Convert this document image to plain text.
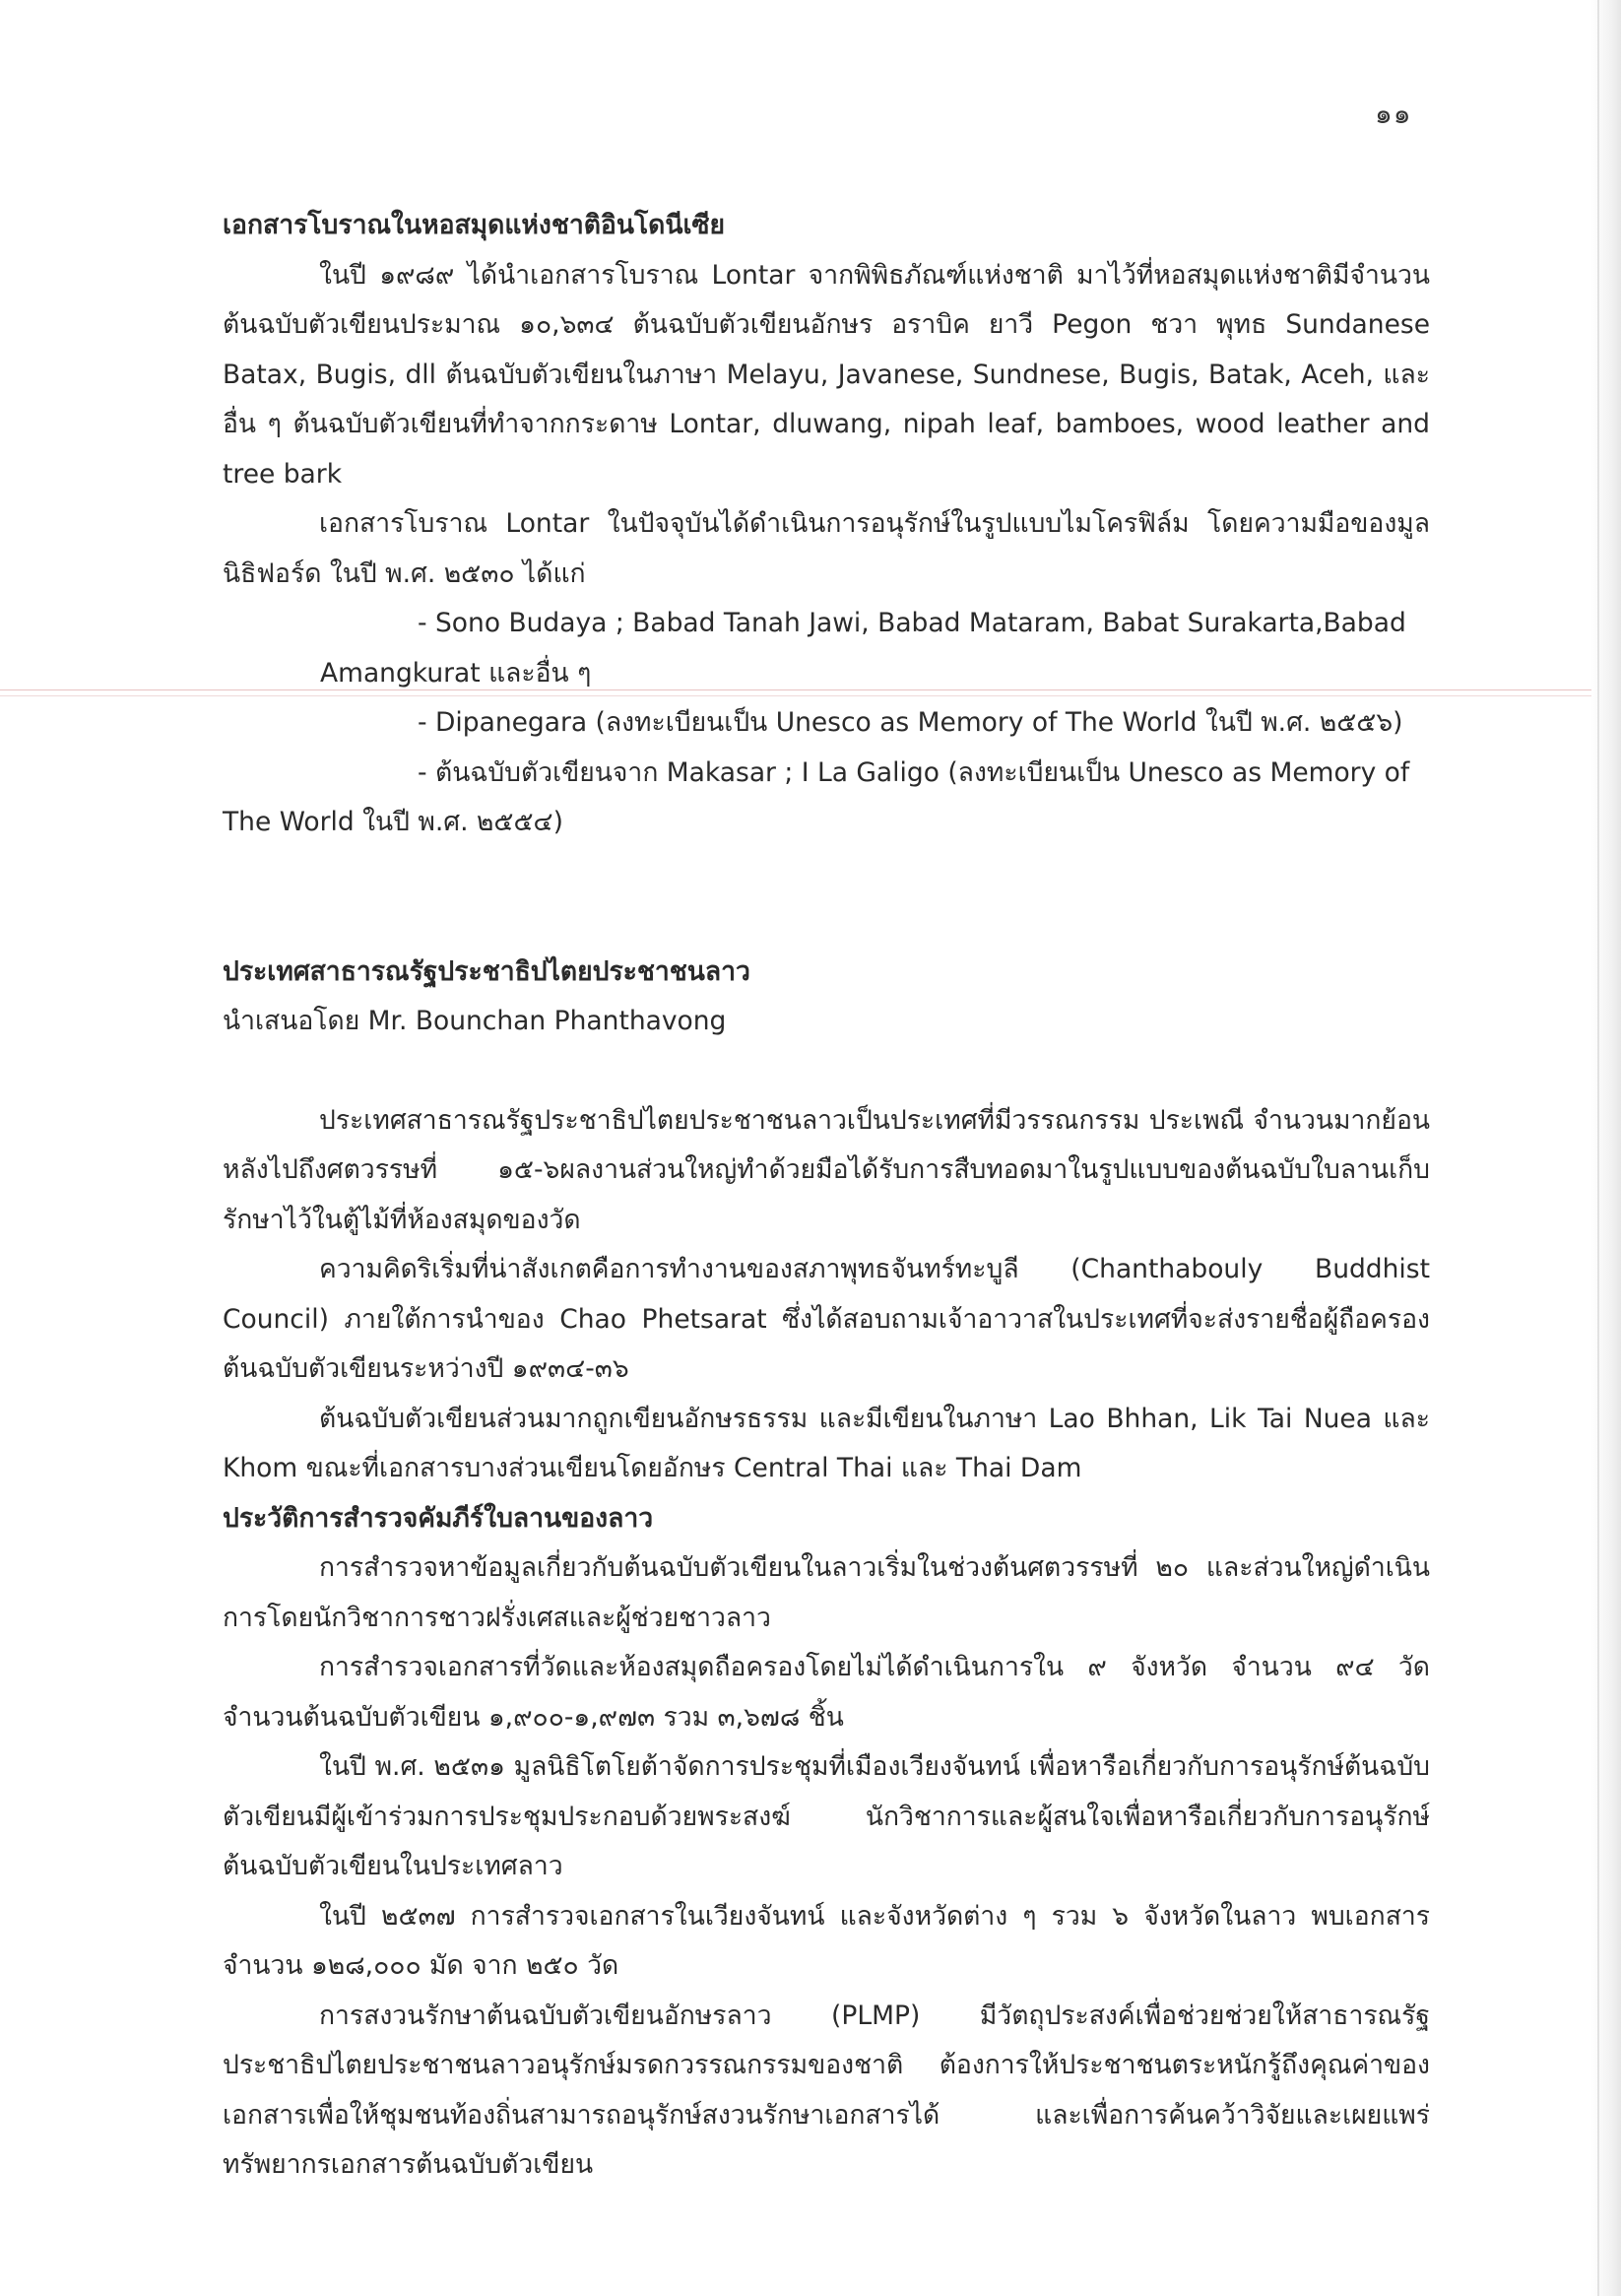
๑๑

เอกสารโบราณในหอสมุดแห่งชาติอินโดนีเซีย

ในปี ๑๙๘๙ ได้นำเอกสารโบราณ Lontar จากพิพิธภัณฑ์แห่งชาติ มาไว้ที่หอสมุดแห่งชาติมีจำนวนต้นฉบับตัวเขียนประมาณ ๑๐,๖๓๔ ต้นฉบับตัวเขียนอักษร อราบิค ยาวี Pegon ชวา พุทธ Sundanese Batax, Bugis, dll ต้นฉบับตัวเขียนในภาษา Melayu, Javanese, Sundnese, Bugis, Batak, Aceh, และอื่น ๆ ต้นฉบับตัวเขียนที่ทำจากกระดาษ Lontar, dluwang, nipah leaf, bamboes, wood leather and tree bark

เอกสารโบราณ Lontar ในปัจจุบันได้ดำเนินการอนุรักษ์ในรูปแบบไมโครฟิล์ม โดยความมือของมูลนิธิฟอร์ด ในปี พ.ศ. ๒๕๓๐ ได้แก่

- Sono Budaya ; Babad Tanah Jawi, Babad Mataram, Babat Surakarta,Babad

Amangkurat และอื่น ๆ

- Dipanegara (ลงทะเบียนเป็น Unesco as Memory of The World ในปี พ.ศ. ๒๕๕๖)

- ต้นฉบับตัวเขียนจาก Makasar ; I La Galigo (ลงทะเบียนเป็น Unesco as Memory of

The World ในปี พ.ศ. ๒๕๕๔)

ประเทศสาธารณรัฐประชาธิปไตยประชาชนลาว

นำเสนอโดย Mr. Bounchan Phanthavong

ประเทศสาธารณรัฐประชาธิปไตยประชาชนลาวเป็นประเทศที่มีวรรณกรรม ประเพณี จำนวนมากย้อนหลังไปถึงศตวรรษที่ ๑๕-๖ผลงานส่วนใหญ่ทำด้วยมือได้รับการสืบทอดมาในรูปแบบของต้นฉบับใบลานเก็บรักษาไว้ในตู้ไม้ที่ห้องสมุดของวัด

ความคิดริเริ่มที่น่าสังเกตคือการทำงานของสภาพุทธจันทร์ทะบูลี (Chanthabouly Buddhist Council) ภายใต้การนำของ Chao Phetsarat ซึ่งได้สอบถามเจ้าอาวาสในประเทศที่จะส่งรายชื่อผู้ถือครองต้นฉบับตัวเขียนระหว่างปี ๑๙๓๔-๓๖

ต้นฉบับตัวเขียนส่วนมากถูกเขียนอักษรธรรม และมีเขียนในภาษา Lao Bhhan, Lik Tai Nuea และ Khom ขณะที่เอกสารบางส่วนเขียนโดยอักษร Central Thai และ Thai Dam

ประวัติการสำรวจคัมภีร์ใบลานของลาว

การสำรวจหาข้อมูลเกี่ยวกับต้นฉบับตัวเขียนในลาวเริ่มในช่วงต้นศตวรรษที่ ๒๐ และส่วนใหญ่ดำเนินการโดยนักวิชาการชาวฝรั่งเศสและผู้ช่วยชาวลาว

การสำรวจเอกสารที่วัดและห้องสมุดถือครองโดยไม่ได้ดำเนินการใน ๙ จังหวัด จำนวน ๙๔ วัด จำนวนต้นฉบับตัวเขียน ๑,๙๐๐-๑,๙๗๓ รวม ๓,๖๗๘ ชิ้น

ในปี พ.ศ. ๒๕๓๑ มูลนิธิโตโยต้าจัดการประชุมที่เมืองเวียงจันทน์ เพื่อหารือเกี่ยวกับการอนุรักษ์ต้นฉบับตัวเขียนมีผู้เข้าร่วมการประชุมประกอบด้วยพระสงฆ์ นักวิชาการและผู้สนใจเพื่อหารือเกี่ยวกับการอนุรักษ์ต้นฉบับตัวเขียนในประเทศลาว

ในปี ๒๕๓๗ การสำรวจเอกสารในเวียงจันทน์ และจังหวัดต่าง ๆ รวม ๖ จังหวัดในลาว พบเอกสารจำนวน ๑๒๘,๐๐๐ มัด จาก ๒๕๐ วัด

การสงวนรักษาต้นฉบับตัวเขียนอักษรลาว (PLMP) มีวัตถุประสงค์เพื่อช่วยช่วยให้สาธารณรัฐประชาธิปไตยประชาชนลาวอนุรักษ์มรดกวรรณกรรมของชาติ ต้องการให้ประชาชนตระหนักรู้ถึงคุณค่าของเอกสารเพื่อให้ชุมชนท้องถิ่นสามารถอนุรักษ์สงวนรักษาเอกสารได้ และเพื่อการค้นคว้าวิจัยและเผยแพร่ทรัพยากรเอกสารต้นฉบับตัวเขียน
